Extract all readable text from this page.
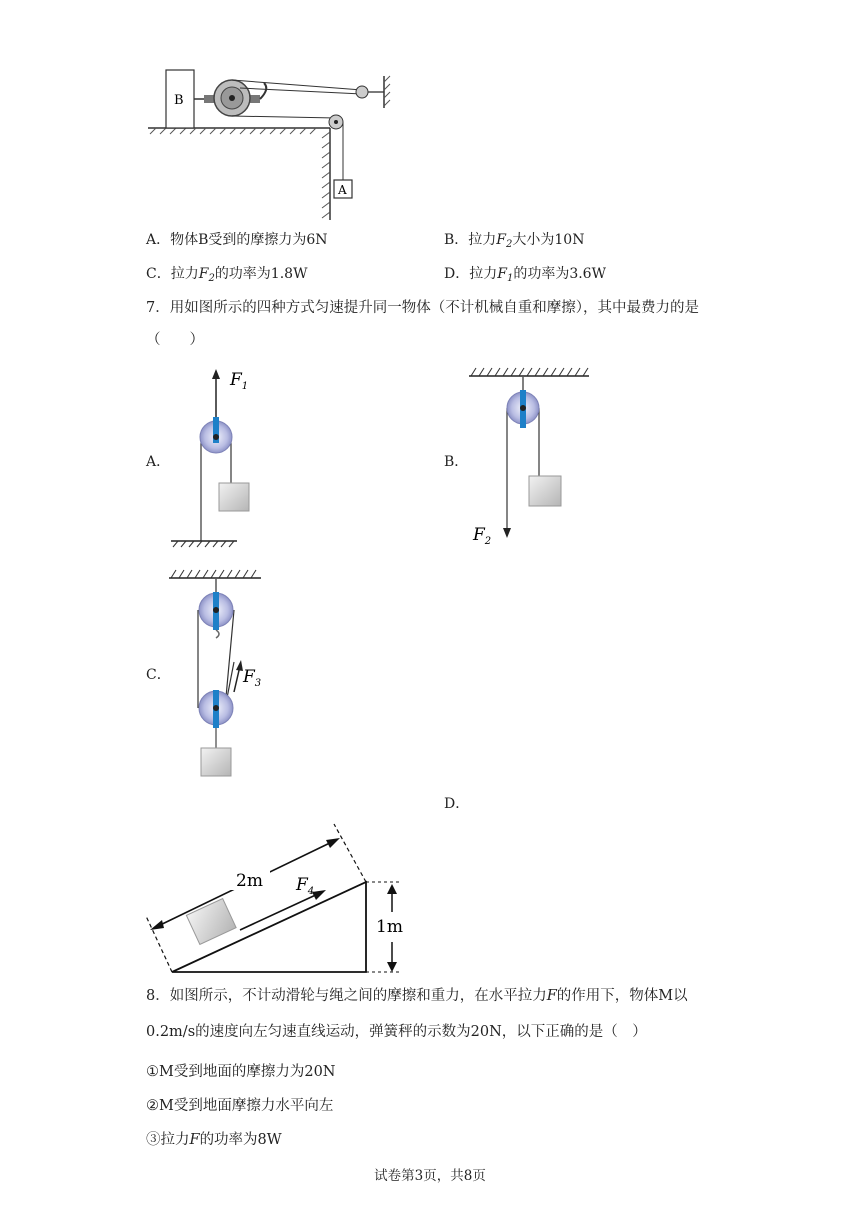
B
A
A．物体B受到的摩擦力为6N	B．拉力$F_2$大小为10N
C．拉力$F_2$的功率为1.8W	D．拉力$F_1$的功率为3.6W
7．用如图所示的四种方式匀速提升同一物体（不计机械自重和摩擦），其中最费力的是
（　　）
A．
$F_1$
B．
$F_2$
C．	$F_3$
D．
2m
1m
$F_4$
8．如图所示，不计动滑轮与绳之间的摩擦和重力，在水平拉力F的作用下，物体M以
0.2m/s的速度向左匀速直线运动，弹簧秤的示数为20N，以下正确的是（　）
①M受到地面的摩擦力为20N
②M受到地面摩擦力水平向左
③拉力F的功率为8W
试卷第3页，共8页
